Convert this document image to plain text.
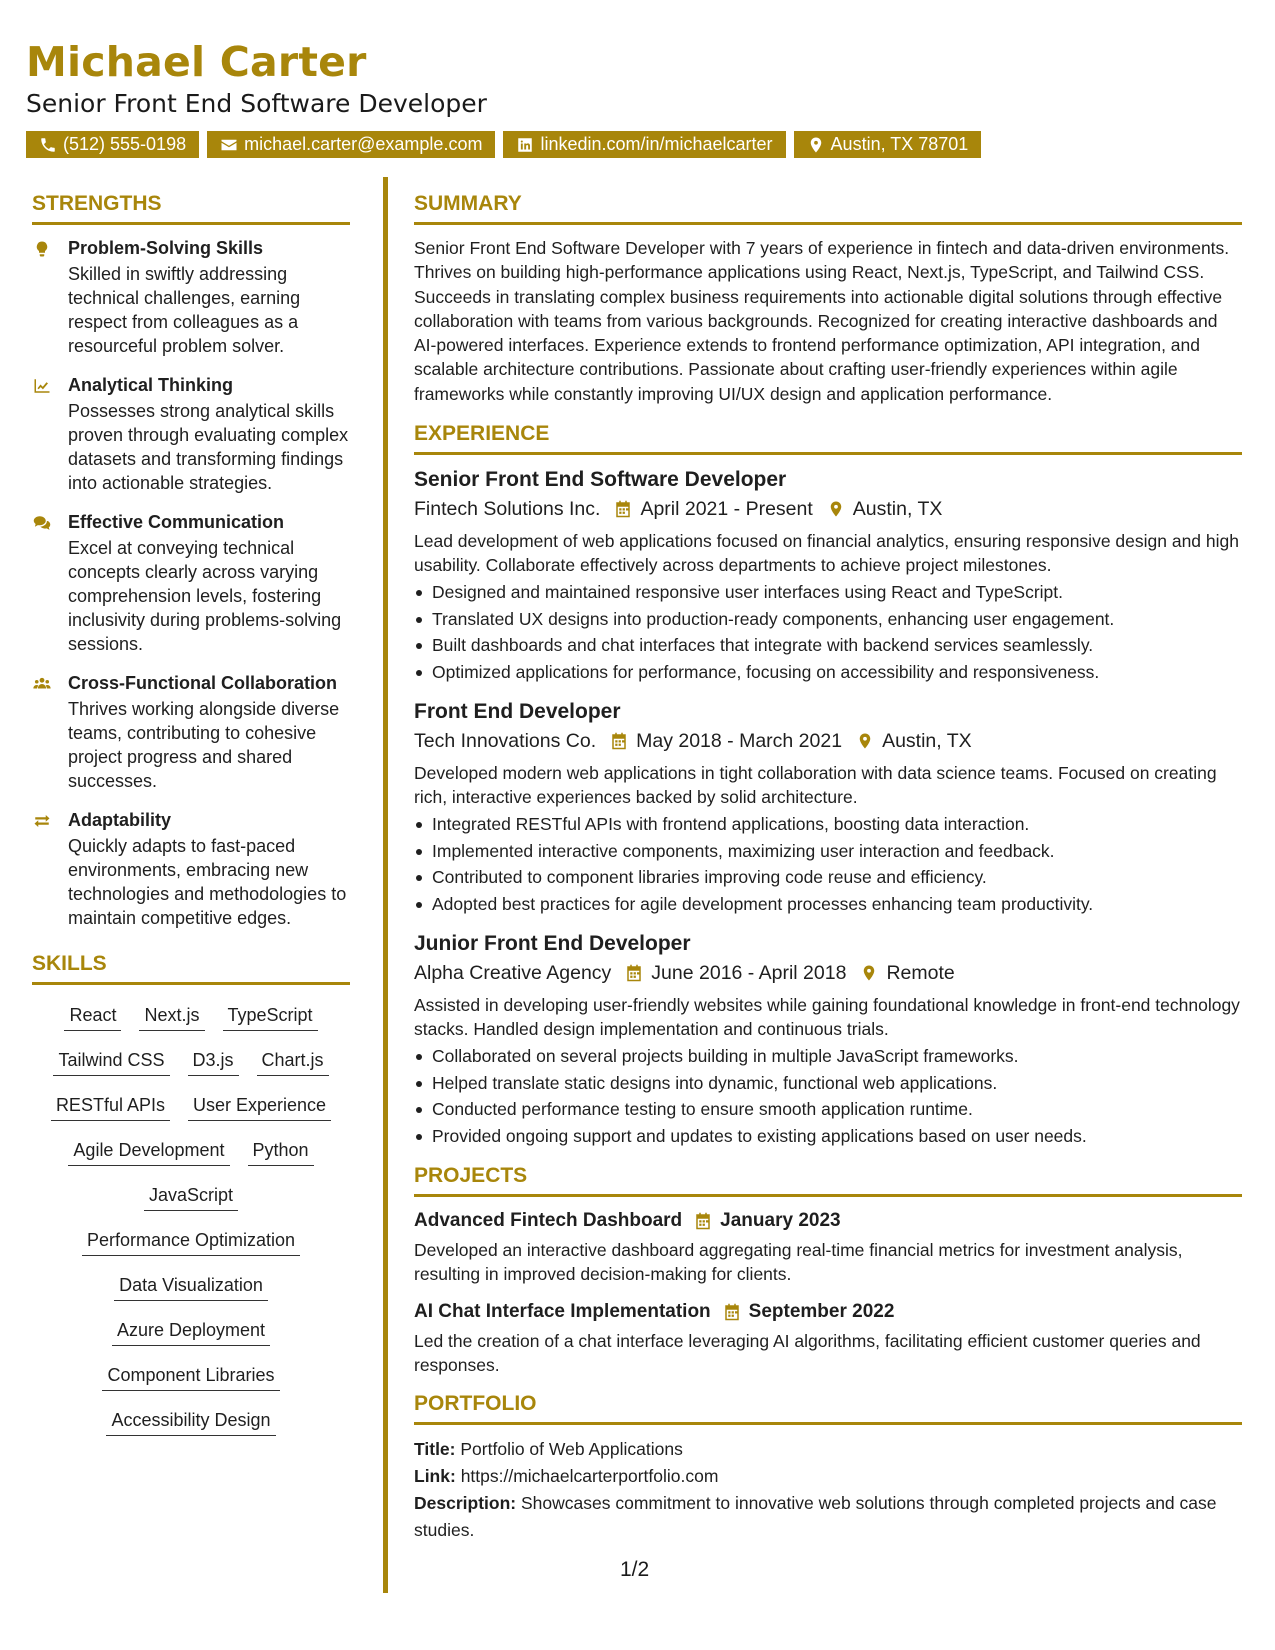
Michael Carter
Senior Front End Software Developer
(512) 555-0198	michael.carter@example.com	linkedin.com/in/michaelcarter	Austin, TX 78701
STRENGTHS
Problem-Solving Skills
Skilled in swiftly addressing technical challenges, earning respect from colleagues as a resourceful problem solver.
Analytical Thinking
Possesses strong analytical skills proven through evaluating complex datasets and transforming findings into actionable strategies.
Effective Communication
Excel at conveying technical concepts clearly across varying comprehension levels, fostering inclusivity during problems-solving sessions.
Cross-Functional Collaboration
Thrives working alongside diverse teams, contributing to cohesive project progress and shared successes.
Adaptability
Quickly adapts to fast-paced environments, embracing new technologies and methodologies to maintain competitive edges.
SKILLS
React Next.js TypeScript
Tailwind CSS D3.js Chart.js
RESTful APIs User Experience
Agile Development Python
JavaScript
Performance Optimization
Data Visualization
Azure Deployment
Component Libraries
Accessibility Design
SUMMARY
Senior Front End Software Developer with 7 years of experience in fintech and data-driven environments. Thrives on building high-performance applications using React, Next.js, TypeScript, and Tailwind CSS. Succeeds in translating complex business requirements into actionable digital solutions through effective collaboration with teams from various backgrounds. Recognized for creating interactive dashboards and AI-powered interfaces. Experience extends to frontend performance optimization, API integration, and scalable architecture contributions. Passionate about crafting user-friendly experiences within agile frameworks while constantly improving UI/UX design and application performance.
EXPERIENCE
Senior Front End Software Developer
Fintech Solutions Inc. April 2021 - Present Austin, TX
Lead development of web applications focused on financial analytics, ensuring responsive design and high usability. Collaborate effectively across departments to achieve project milestones.
Designed and maintained responsive user interfaces using React and TypeScript.
Translated UX designs into production-ready components, enhancing user engagement.
Built dashboards and chat interfaces that integrate with backend services seamlessly.
Optimized applications for performance, focusing on accessibility and responsiveness.
Front End Developer
Tech Innovations Co. May 2018 - March 2021 Austin, TX
Developed modern web applications in tight collaboration with data science teams. Focused on creating rich, interactive experiences backed by solid architecture.
Integrated RESTful APIs with frontend applications, boosting data interaction.
Implemented interactive components, maximizing user interaction and feedback.
Contributed to component libraries improving code reuse and efficiency.
Adopted best practices for agile development processes enhancing team productivity.
Junior Front End Developer
Alpha Creative Agency June 2016 - April 2018 Remote
Assisted in developing user-friendly websites while gaining foundational knowledge in front-end technology stacks. Handled design implementation and continuous trials.
Collaborated on several projects building in multiple JavaScript frameworks.
Helped translate static designs into dynamic, functional web applications.
Conducted performance testing to ensure smooth application runtime.
Provided ongoing support and updates to existing applications based on user needs.
PROJECTS
Advanced Fintech Dashboard January 2023
Developed an interactive dashboard aggregating real-time financial metrics for investment analysis, resulting in improved decision-making for clients.
AI Chat Interface Implementation September 2022
Led the creation of a chat interface leveraging AI algorithms, facilitating efficient customer queries and responses.
PORTFOLIO
Title: Portfolio of Web Applications
Link: https://michaelcarterportfolio.com
Description: Showcases commitment to innovative web solutions through completed projects and case studies.
1/2
